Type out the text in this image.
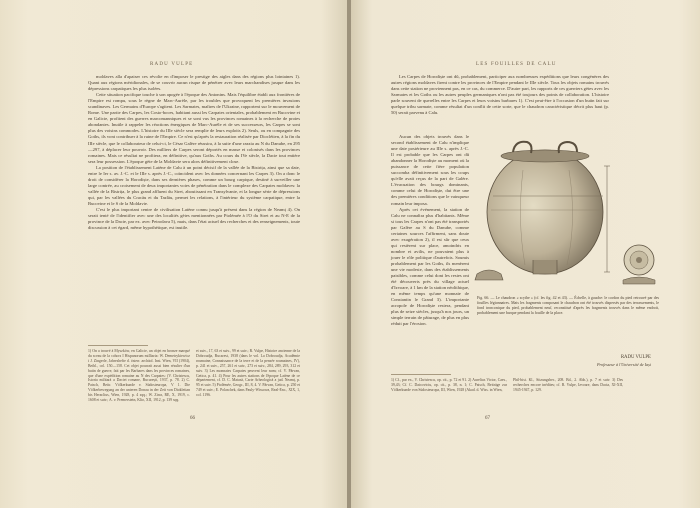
RADU VULPE

moldaves alla d'apaiser ces révolte en d'imposer le prestige des aigles dans des régions plus lointaines 1). Quant aux régions méridionales, de se couvrir aucun risque de pénétrer avec leurs marchandises jusque dans les dépressions carpatiques les plus isolées.

Cette situation pacifique touche à son apogée à l'époque des Antonins. Mais l'équilibre établi aux frontières de l'Empire est rompu, sous le règne de Marc-Aurèle, par les troubles que provoquent les premières invasions scandinaves. Les Germains d'Europe s'agitent. Les Sarmates, maîtres de l'Ukraine, rapportent sur le mouvement de Rome. Une partie des Carpes, les Costo-boces, habitant aussi les Carpates orientales, probablement en Bucovine et en Galicie, profitent des guerres marcomanniques et se sont vus les provinces romaines à la recherche de proies abondantes. Inutile à rappeler les réactions énergiques de Marc-Aurèle et de ses successeurs, les Carpes se sont plus des voisins commodes. L'histoire du IIIe siècle sera remplie de leurs exploits 2). Seuls, ou en compagnie des Goths, ils vont contribuer à la ruine de l'Empire. Ce n'est qu'après la restauration réalisée par Dioclétien, à la fin du IIIe siècle, que le collaborateur de celui-ci, le César Galère réussira, à la suite d'une razzia au N du Danube, en 295—297, à déplacer leur pouvoir. Des milliers de Carpes seront déportés en masse et colonisés dans les provinces romaines. Mais ce résultat ne profitera, en définitive, qu'aux Goths. Au cours du IVe siècle, la Dacie tout entière sera leur possession. L'époque gète de la Moldavie sera alors définitivement close.

La position de l'établissement Latène de Calu à un point décisif de la vallée de la Bistrița, ainsi que sa date, entre le Ier s. av. J.-C. et le IIIe s. après J.-C., coïncident avec les données concernant les Carpes 3). On a donc le droit de considérer la Horodiște, dans ses dernières phases, comme un bourg carpique, destiné à surveiller une large contrée, au croisement de deux importantes voies de pénétration dans le complexe des Carpates moldaves: la vallée de la Bistrița, le plus grand affluent du Siret, aboutissant en Transylvanie, et la longue série de dépressions qui, par les vallées du Cracău et du Tazlău, permet les relations, à l'intérieur du système carpatique, entre la Bucovine et le S de la Moldavie.

C'est le plus important centre de civilisation Latène connu jusqu'à présent dans la région de Neamț 4). On serait tenté de l'identifier avec une des localités gètes mentionnées par Ptolémée à l'O du Siret et au N-E de la province de la Dacie, par ex. avec Petrodava 5), mais, dans l'état actuel des recherches et des renseignements, toute discussion à cet égard, même hypothétique, est inutile.

1) On a trouvé à Myszków, en Galicie, un objet en bronze marqué du sceau de la cohors I Hispanorum milliaria: W. Demetrykiewicz i J. Zingerle, Jahreshefte d. österr. archäol. Inst. Wien, VII (1904), Beibl., col. 150—158. Cet objet pourrait aussi bien résulter d'un butin de guerre, fait par les Barbares dans les provinces romaines, que d'une expédition romaine au N des Carpates: (V. Christescu, Istoria militară a Daciei romane, București, 1937, p. 78. 2) C. Patsch, Beitr. Völkerkunde v. Südosteuropa, V 1. Die Völkerbewegung an der unteren Donau in der Zeit von Diokletian bis Heraclius, Wien, 1928, p. 4 sqq.; W. Zirra, RE, X, 1919, c. 1608 et suiv.; A. v. Premerstein, Klio, XII, 1912, p. 139 sqq.
et suiv., 17, 63 et suiv., 99 et suiv.; R. Vulpe, Histoire ancienne de la Dobroudja, Bucarest, 1938 (dans le vol. La Dobroudja, Académie roumaine, Connaissance de la terre et de la pensée roumaines, IV), p. 241 et suiv., 257, 261 et suiv., 273 et suiv., 284, 289, 293, 312 et suiv. 3) Les monnaies Carpates peuvent leur nom; cf. V. Pârvan, Getica, p. 41. 4) Pour les autres stations de l'époque Latène de ce département, cf. D. C. Matasă, Carte Arheologică a jud. Neamț, p. 95 et suiv. 5) Ptolémée, Geogr., III, 8, 4. V. Pârvan, Getica, p. 250 et 749 et suiv.; E. Polaschek, dans Pauly-Wissowa, Real-Enc., XIX, 1, col. 1196.
66
LES FOUILLES DE CALU
Les Carpes de Horodiște ont dû, probablement, participer aux nombreuses expéditions que leurs congénères des autres régions moldaves firent contre les provinces de l'Empire pendant le IIIe siècle. Tous les objets romains trouvés dans cette station ne proviennent pas, en ce cas, du commerce. D'autre part, les rapports de ces guerriers gètes avec les Sarmates et les Goths ou les autres peuples germaniques n'ont pas été toujours des points de collaboration. L'histoire parle souvent de querelles entre les Carpes et leurs voisins barbares 1). C'est peut-être à l'occasion d'un butin fait sur quelque tribu sarmate, comme résultat d'un conflit de cette sorte, que le chaudron caractéristique décrit plus haut (p. 50) serait parvenu à Calu.

Aucun des objets trouvés dans le second établissement de Calu n'implique une date postérieure au IIIe s. après J.-C. Il est probable que les Carpes ont dû abandonner la Horodiște au moment où la puissance de cette fière population succomba définitivement sous les coups qu'elle avait reçus de la part de Galère. L'évacuation des bourgs dominants, comme celui de Horodiște, dut être une des premières conditions que le vainqueur romain leur imposa.

Après cet événement, la station de Calu ne connaîtra plus d'habitants. Même si tous les Carpes n'ont pas été transportés par Galère au S du Danube, comme certaines sources l'affirment, sans doute avec exagération 2), il est sûr que ceux qui restèrent sur place, amoindris en nombre et avilis, ne pouvaient plus à jouer le rôle politique d'autrefois. Soumis probablement par les Goths, ils menèrent une vie modeste, dans des établissements paisibles, comme celui dont les restes ont été découverts près du village actuel d'Izvoare, à 1 km de la station néolithique, en même temps qu'une monnaie de Constantin le Grand 3). L'importante acropole de Horodiște restera, pendant plus de seize siècles, jusqu'à nos jours, un simple terrain de pâturage, de plus en plus réduit par l'érosion.

Fig. 66. — Le chaudron « scythe » (cf. les fig. 42 et 43). — Échelle, à gauche: le cordon du pied retrouvé par des fouilles légionnaires. Mais les fragments composant le chaudron ont été trouvés dispersés par des terrassements, le fond tronconique du pied, probablement neuf, reconstitué d'après les fragments trouvés dans le même endroit, probablement une barque pendant la fouille de la place.
RADU VULPE
Professeur à l'Université de Iași
1) Cf., par ex., V. Christescu, op. cit., p. 72 et 91. 2) Aurelius Victor, Caes., 39,43; Cf. C. Daicoviciu, op. cit., p. 38, n. 1; C. Patsch, Beiträge zur Völkerkunde von Südosteuropa, III, Wien, 1928 (Akad. d. Wiss. in Wien,
Phil-hist. Kl., Sitzungsber., 208. Bd., 2. Abh.), p. 7 et suiv. 3) Des recherches encore inédites; cf. R. Vulpe, Izvoare, dans Dacia, XI-XII, 1945-1947, p. 129.
67
